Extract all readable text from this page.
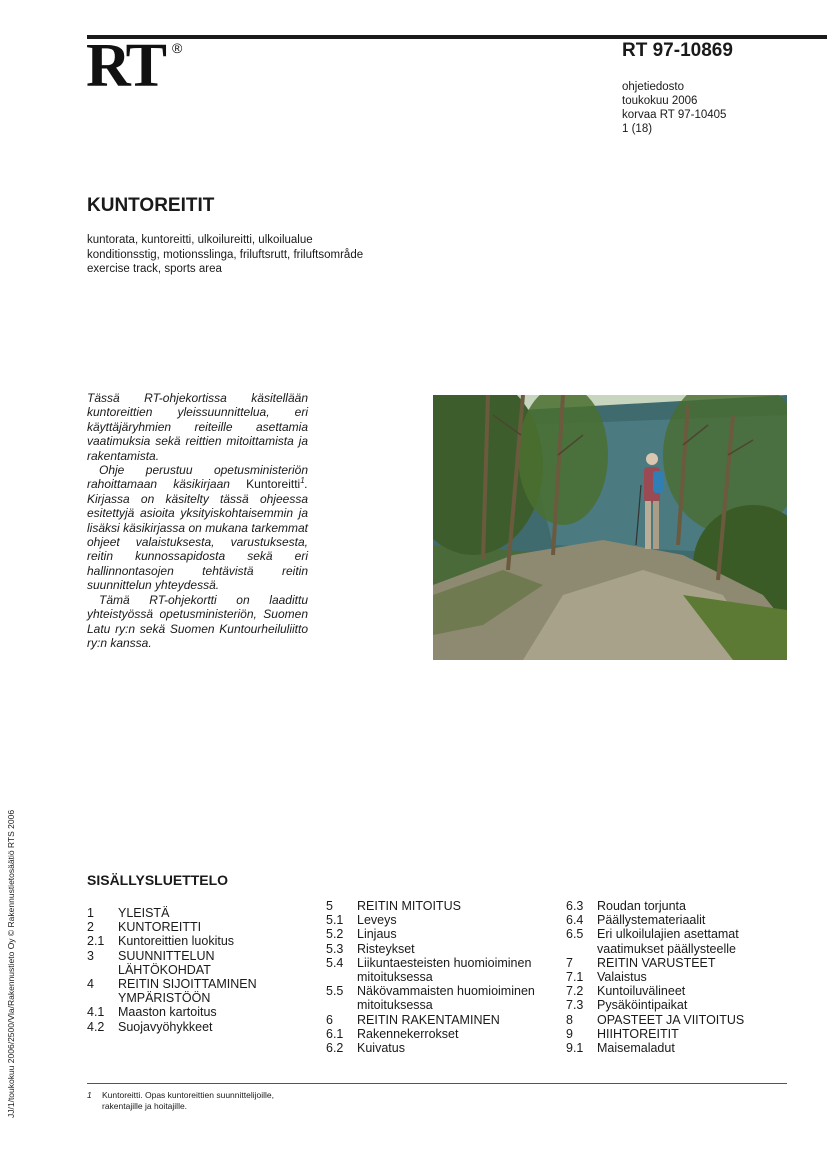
RT ®	RT 97-10869
ohjetiedosto
toukokuu 2006
korvaa RT 97-10405
1 (18)
KUNTOREITIT
kuntorata, kuntoreitti, ulkoilureitti, ulkoilualue
konditionsstig, motionsslinga, friluftsrutt, friluftsområde
exercise track, sports area

Tässä RT-ohjekortissa käsitellään kuntoreittien yleissuunnittelua, eri käyttäjäryhmien reiteille asettamia vaatimuksia sekä reittien mitoittamista ja rakentamista.

Ohje perustuu opetusministeriön rahoittamaan käsikirjaan Kuntoreitti$^1$. Kirjassa on käsitelty tässä ohjeessa esitettyjä asioita yksityiskohtaisemmin ja lisäksi käsikirjassa on mukana tarkemmat ohjeet valaistuksesta, varustuksesta, reitin kunnossapidosta sekä eri hallinnontasojen tehtävistä reitin suunnittelun yhteydessä.

Tämä RT-ohjekortti on laadittu yhteistyössä opetusministeriön, Suomen Latu ry:n sekä Suomen Kuntourheiluliitto ry:n kanssa.

SISÄLLYSLUETTELO
1 YLEISTÄ
2 KUNTOREITTI
2.1 Kuntoreittien luokitus
3 SUUNNITTELUN LÄHTÖKOHDAT
4 REITIN SIJOITTAMINEN YMPÄRISTÖÖN
4.1 Maaston kartoitus
4.2 Suojavyöhykkeet
5 REITIN MITOITUS
5.1 Leveys
5.2 Linjaus
5.3 Risteykset
5.4 Liikuntaesteisten huomioiminen mitoituksessa
5.5 Näkövammaisten huomioiminen mitoituksessa
6 REITIN RAKENTAMINEN
6.1 Rakennekerrokset
6.2 Kuivatus
6.3 Roudan torjunta
6.4 Päällystemateriaalit
6.5 Eri ulkoilulajien asettamat vaatimukset päällysteelle
7 REITIN VARUSTEET
7.1 Valaistus
7.2 Kuntoiluvälineet
7.3 Pysäköintipaikat
8 OPASTEET JA VIITOITUS
9 HIIHTOREITIT
9.1 Maisemaladut
1 Kuntoreitti. Opas kuntoreittien suunnittelijoille,
rakentajille ja hoitajille.
JJ/1/toukokuu 2006/2500/Vla/Rakennustieto Oy © Rakennustietosäätiö RTS 2006
